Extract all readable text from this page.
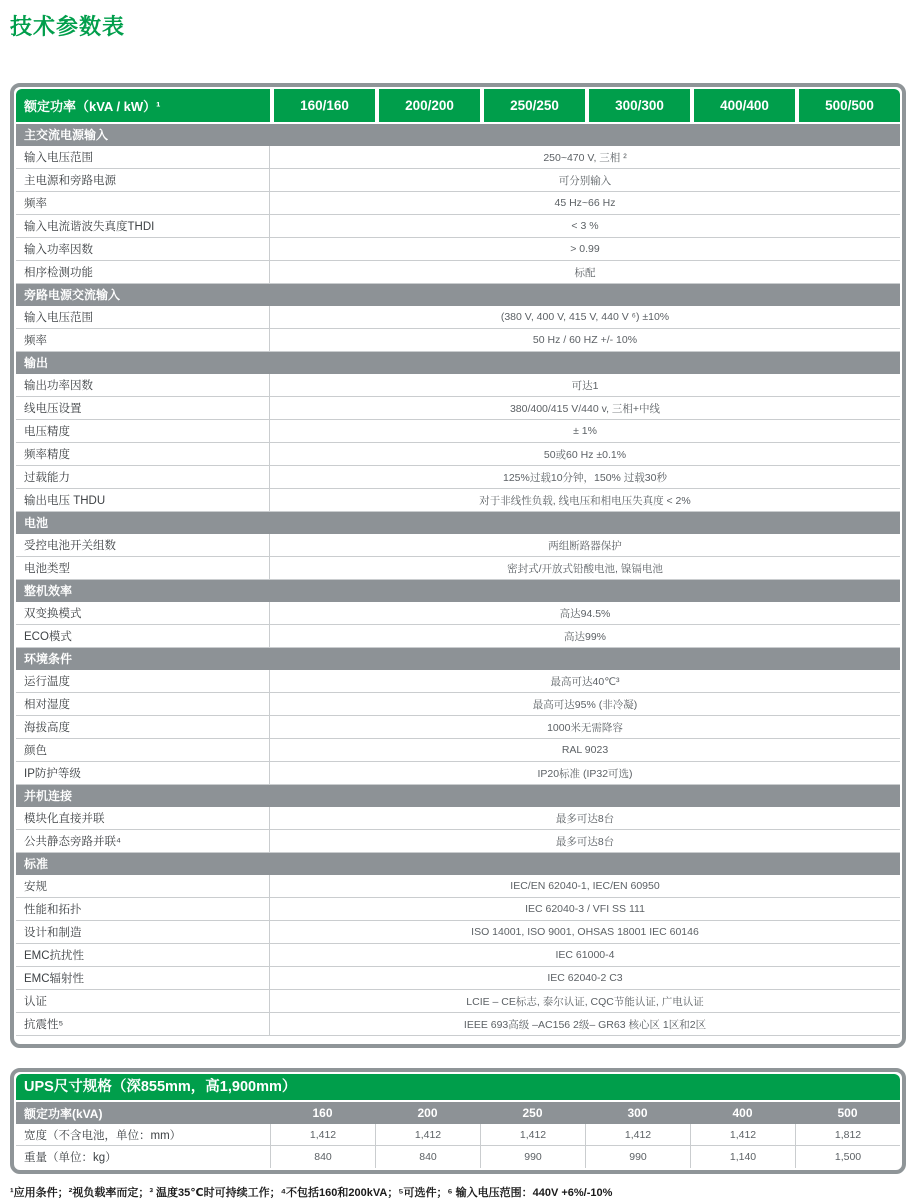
技术参数表
额定功率（kVA / kW）¹	160/160	200/200	250/250	300/300	400/400	500/500
主交流电源输入
输入电压范围	250~470 V, 三相 ²
主电源和旁路电源	可分别输入
频率	45 Hz~66 Hz
输入电流谐波失真度THDI	< 3 %
输入功率因数	> 0.99
相序检测功能	标配
旁路电源交流输入
输入电压范围	(380 V, 400 V, 415 V, 440 V ⁶) ±10%
频率	50 Hz / 60 HZ +/- 10%
输出
输出功率因数	可达1
线电压设置	380/400/415 V/440 v, 三相+中线
电压精度	± 1%
频率精度	50或60 Hz ±0.1%
过载能力	125%过载10分钟，150% 过载30秒
输出电压 THDU	对于非线性负载, 线电压和相电压失真度 < 2%
电池
受控电池开关组数	两组断路器保护
电池类型	密封式/开放式铅酸电池, 镍镉电池
整机效率
双变换模式	高达94.5%
ECO模式	高达99%
环境条件
运行温度	最高可达40℃³
相对湿度	最高可达95% (非冷凝)
海拔高度	1000米无需降容
颜色	RAL 9023
IP防护等级	IP20标准 (IP32可选)
并机连接
模块化直接并联	最多可达8台
公共静态旁路并联⁴	最多可达8台
标准
安规	IEC/EN 62040-1, IEC/EN 60950
性能和拓扑	IEC 62040-3 / VFI SS 111
设计和制造	ISO 14001, ISO 9001, OHSAS 18001 IEC 60146
EMC抗扰性	IEC 61000-4
EMC辐射性	IEC 62040-2 C3
认证	LCIE – CE标志, 泰尔认证, CQC节能认证, 广电认证
抗震性⁵	IEEE 693高级 –AC156 2级– GR63 核心区 1区和2区
UPS尺寸规格（深855mm，高1,900mm）
额定功率(kVA)	160	200	250	300	400	500
宽度（不含电池，单位：mm）	1,412	1,412	1,412	1,412	1,412	1,812
重量（单位：kg）	840	840	990	990	1,140	1,500
¹应用条件；²视负载率而定；³ 温度35℃时可持续工作；⁴不包括160和200kVA；⁵可选件；⁶ 输入电压范围：440V +6%/-10%
